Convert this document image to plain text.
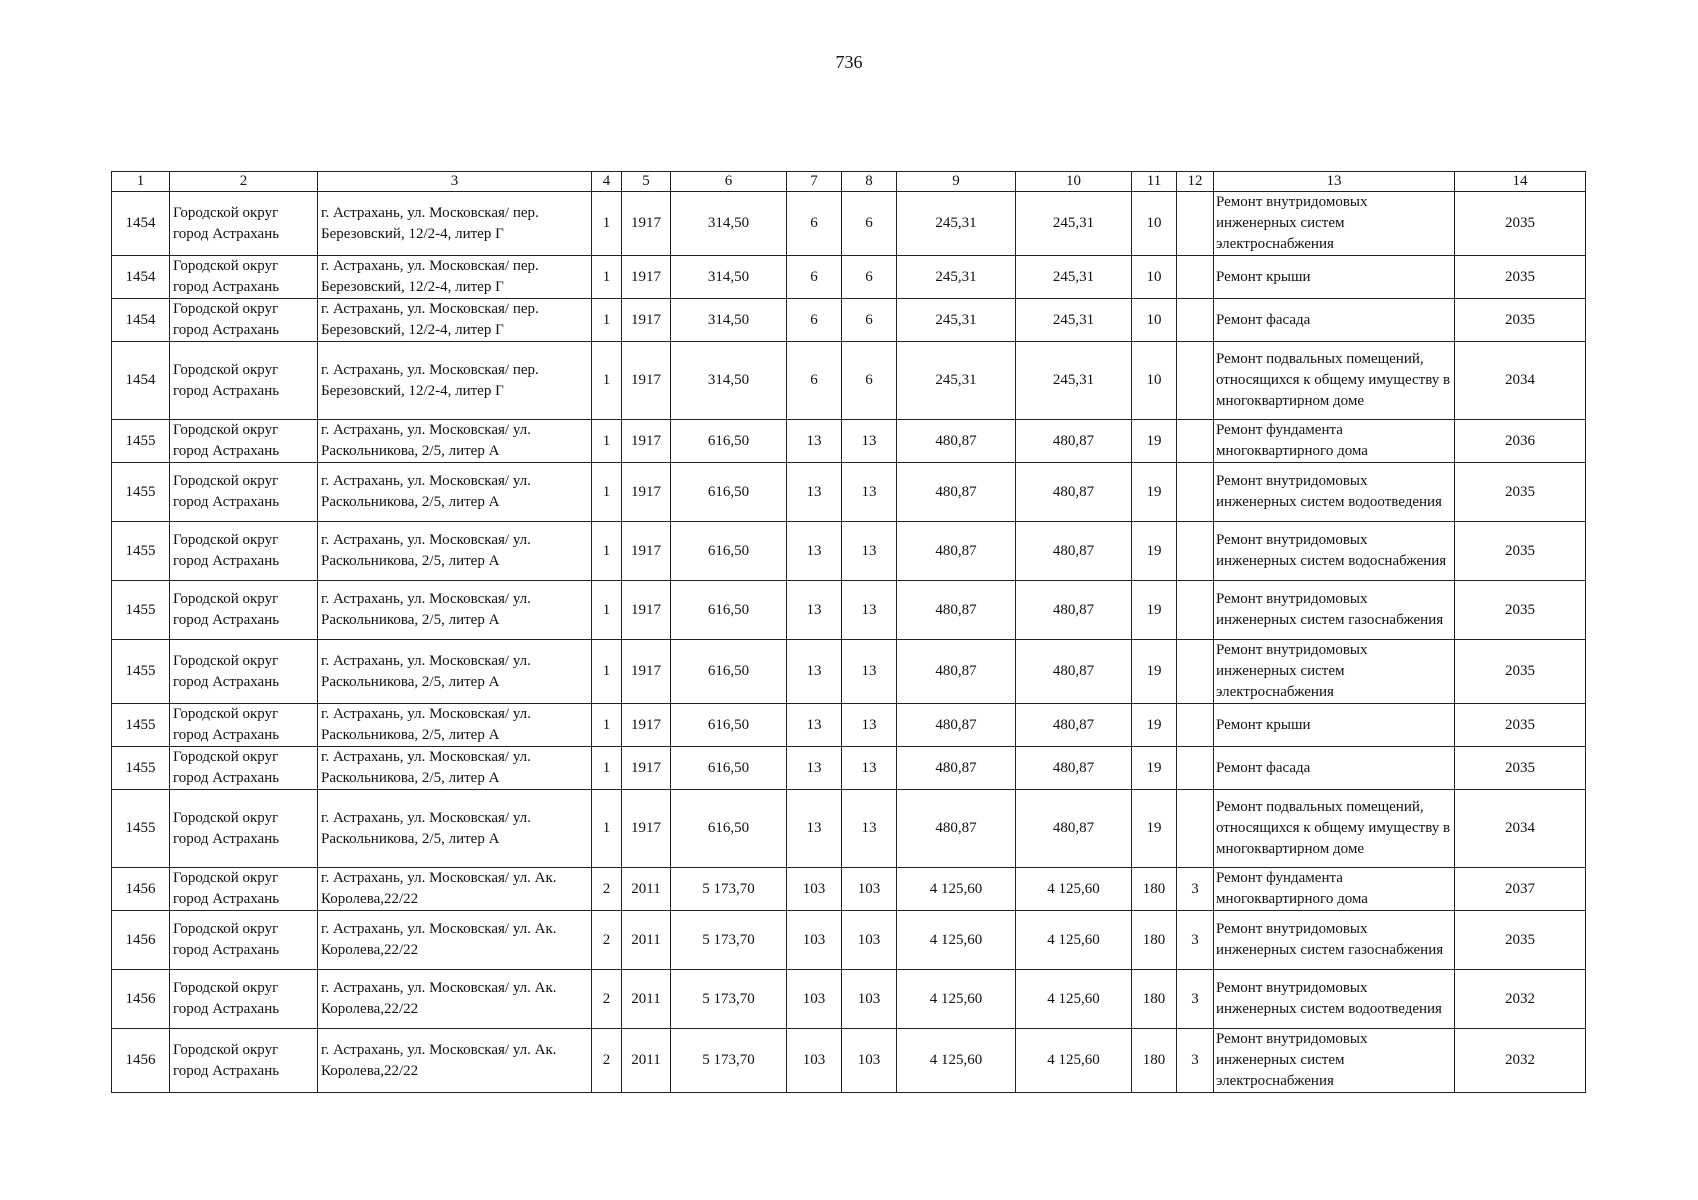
736
1	2	3	4	5	6	7	8	9	10	11	12	13	14
1454	Городской округ город Астрахань	г. Астрахань, ул. Московская/ пер. Березовский, 12/2-4, литер Г	1	1917	314,50	6	6	245,31	245,31	10		Ремонт внутридомовых инженерных систем электроснабжения	2035
1454	Городской округ город Астрахань	г. Астрахань, ул. Московская/ пер. Березовский, 12/2-4, литер Г	1	1917	314,50	6	6	245,31	245,31	10		Ремонт крыши	2035
1454	Городской округ город Астрахань	г. Астрахань, ул. Московская/ пер. Березовский, 12/2-4, литер Г	1	1917	314,50	6	6	245,31	245,31	10		Ремонт фасада	2035
1454	Городской округ город Астрахань	г. Астрахань, ул. Московская/ пер. Березовский, 12/2-4, литер Г	1	1917	314,50	6	6	245,31	245,31	10		Ремонт подвальных помещений, относящихся к общему имуществу в многоквартирном доме	2034
1455	Городской округ город Астрахань	г. Астрахань, ул. Московская/ ул. Раскольникова, 2/5, литер А	1	1917	616,50	13	13	480,87	480,87	19		Ремонт фундамента многоквартирного дома	2036
1455	Городской округ город Астрахань	г. Астрахань, ул. Московская/ ул. Раскольникова, 2/5, литер А	1	1917	616,50	13	13	480,87	480,87	19		Ремонт внутридомовых инженерных систем водоотведения	2035
1455	Городской округ город Астрахань	г. Астрахань, ул. Московская/ ул. Раскольникова, 2/5, литер А	1	1917	616,50	13	13	480,87	480,87	19		Ремонт внутридомовых инженерных систем водоснабжения	2035
1455	Городской округ город Астрахань	г. Астрахань, ул. Московская/ ул. Раскольникова, 2/5, литер А	1	1917	616,50	13	13	480,87	480,87	19		Ремонт внутридомовых инженерных систем газоснабжения	2035
1455	Городской округ город Астрахань	г. Астрахань, ул. Московская/ ул. Раскольникова, 2/5, литер А	1	1917	616,50	13	13	480,87	480,87	19		Ремонт внутридомовых инженерных систем электроснабжения	2035
1455	Городской округ город Астрахань	г. Астрахань, ул. Московская/ ул. Раскольникова, 2/5, литер А	1	1917	616,50	13	13	480,87	480,87	19		Ремонт крыши	2035
1455	Городской округ город Астрахань	г. Астрахань, ул. Московская/ ул. Раскольникова, 2/5, литер А	1	1917	616,50	13	13	480,87	480,87	19		Ремонт фасада	2035
1455	Городской округ город Астрахань	г. Астрахань, ул. Московская/ ул. Раскольникова, 2/5, литер А	1	1917	616,50	13	13	480,87	480,87	19		Ремонт подвальных помещений, относящихся к общему имуществу в многоквартирном доме	2034
1456	Городской округ город Астрахань	г. Астрахань, ул. Московская/ ул. Ак. Королева,22/22	2	2011	5 173,70	103	103	4 125,60	4 125,60	180	3	Ремонт фундамента многоквартирного дома	2037
1456	Городской округ город Астрахань	г. Астрахань, ул. Московская/ ул. Ак. Королева,22/22	2	2011	5 173,70	103	103	4 125,60	4 125,60	180	3	Ремонт внутридомовых инженерных систем газоснабжения	2035
1456	Городской округ город Астрахань	г. Астрахань, ул. Московская/ ул. Ак. Королева,22/22	2	2011	5 173,70	103	103	4 125,60	4 125,60	180	3	Ремонт внутридомовых инженерных систем водоотведения	2032
1456	Городской округ город Астрахань	г. Астрахань, ул. Московская/ ул. Ак. Королева,22/22	2	2011	5 173,70	103	103	4 125,60	4 125,60	180	3	Ремонт внутридомовых инженерных систем электроснабжения	2032
